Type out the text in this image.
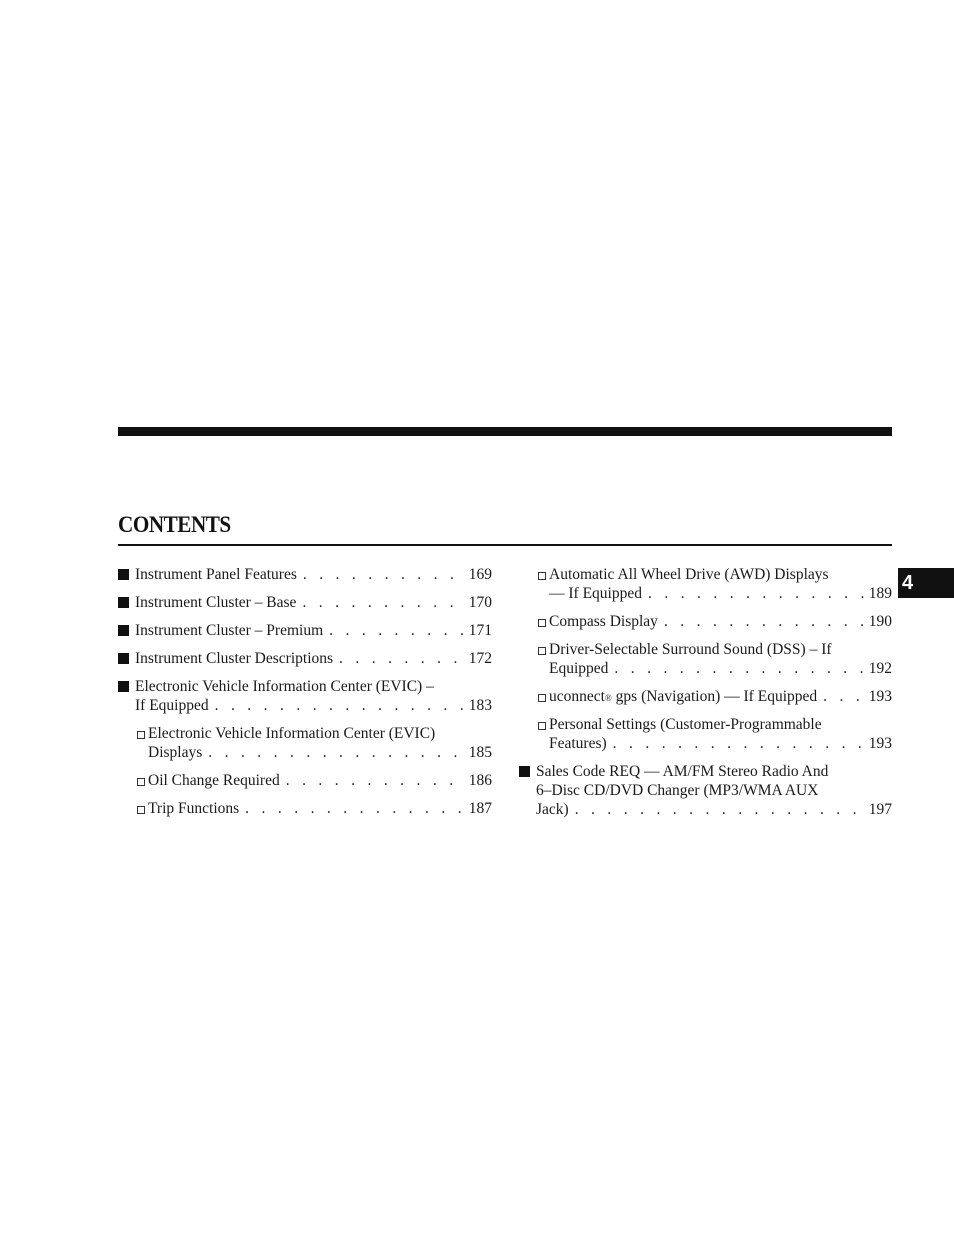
CONTENTS
4
Instrument Panel Features . . .	169
Instrument Cluster – Base . . .	170
Instrument Cluster – Premium . . .	171
Instrument Cluster Descriptions . . .	172
Electronic Vehicle Information Center (EVIC) –
If Equipped . . .	183
Electronic Vehicle Information Center (EVIC)
Displays . . .	185
Oil Change Required . . .	186
Trip Functions . . .	187
Automatic All Wheel Drive (AWD) Displays
— If Equipped . . .	189
Compass Display . . .	190
Driver-Selectable Surround Sound (DSS) – If
Equipped . . .	192
uconnect ®
gps (Navigation) — If Equipped . . .	193
Personal Settings (Customer-Programmable
Features) . . .	193
Sales Code REQ — AM/FM Stereo Radio And
6–Disc CD/DVD Changer (MP3/WMA AUX
Jack) . . .	197
